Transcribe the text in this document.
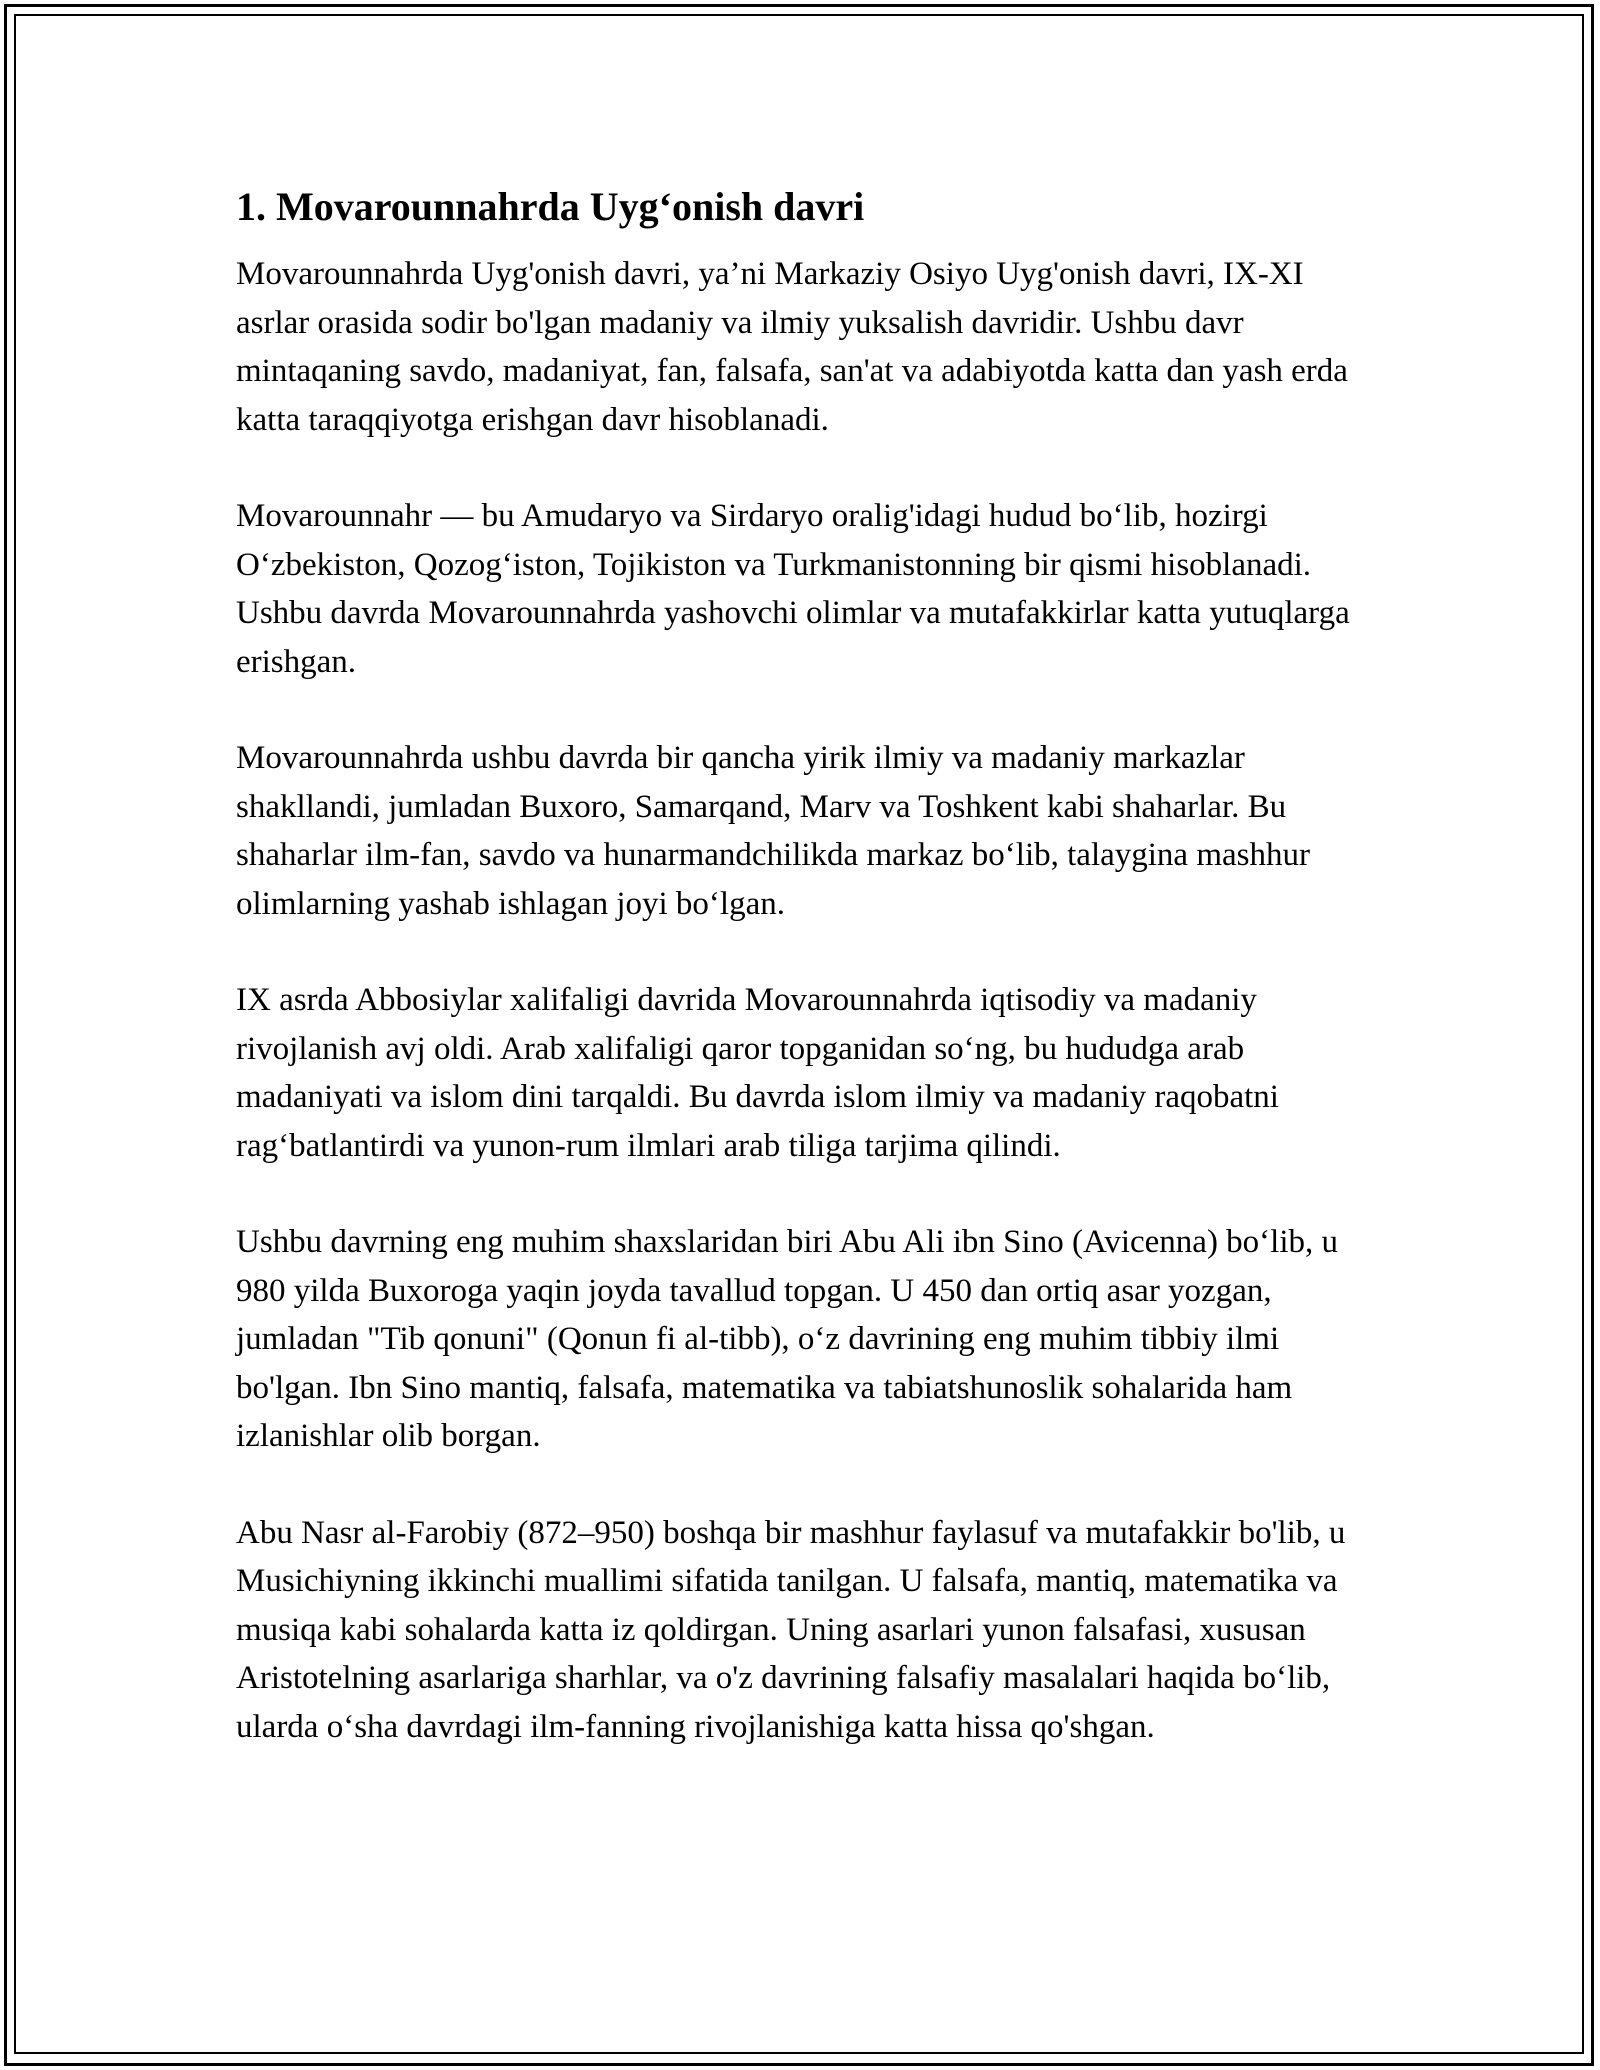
1. Movarounnahrda Uyg‘onish davri

Movarounnahrda Uyg'onish davri, ya’ni Markaziy Osiyo Uyg'onish davri, IX-XI asrlar orasida sodir bo'lgan madaniy va ilmiy yuksalish davridir. Ushbu davr mintaqaning savdo, madaniyat, fan, falsafa, san'at va adabiyotda katta dan yash erda katta taraqqiyotga erishgan davr hisoblanadi.

Movarounnahr — bu Amudaryo va Sirdaryo oralig'idagi hudud bo‘lib, hozirgi O‘zbekiston, Qozog‘iston, Tojikiston va Turkmanistonning bir qismi hisoblanadi. Ushbu davrda Movarounnahrda yashovchi olimlar va mutafakkirlar katta yutuqlarga erishgan.

Movarounnahrda ushbu davrda bir qancha yirik ilmiy va madaniy markazlar shakllandi, jumladan Buxoro, Samarqand, Marv va Toshkent kabi shaharlar. Bu shaharlar ilm-fan, savdo va hunarmandchilikda markaz bo‘lib, talaygina mashhur olimlarning yashab ishlagan joyi bo‘lgan.

IX asrda Abbosiylar xalifaligi davrida Movarounnahrda iqtisodiy va madaniy rivojlanish avj oldi. Arab xalifaligi qaror topganidan so‘ng, bu hududga arab madaniyati va islom dini tarqaldi. Bu davrda islom ilmiy va madaniy raqobatni rag‘batlantirdi va yunon-rum ilmlari arab tiliga tarjima qilindi.

Ushbu davrning eng muhim shaxslaridan biri Abu Ali ibn Sino (Avicenna) bo‘lib, u 980 yilda Buxoroga yaqin joyda tavallud topgan. U 450 dan ortiq asar yozgan, jumladan "Tib qonuni" (Qonun fi al-tibb), o‘z davrining eng muhim tibbiy ilmi bo'lgan. Ibn Sino mantiq, falsafa, matematika va tabiatshunoslik sohalarida ham izlanishlar olib borgan.

Abu Nasr al-Farobiy (872–950) boshqa bir mashhur faylasuf va mutafakkir bo'lib, u Musichiyning ikkinchi muallimi sifatida tanilgan. U falsafa, mantiq, matematika va musiqa kabi sohalarda katta iz qoldirgan. Uning asarlari yunon falsafasi, xususan Aristotelning asarlariga sharhlar, va o'z davrining falsafiy masalalari haqida bo‘lib, ularda o‘sha davrdagi ilm-fanning rivojlanishiga katta hissa qo'shgan.
